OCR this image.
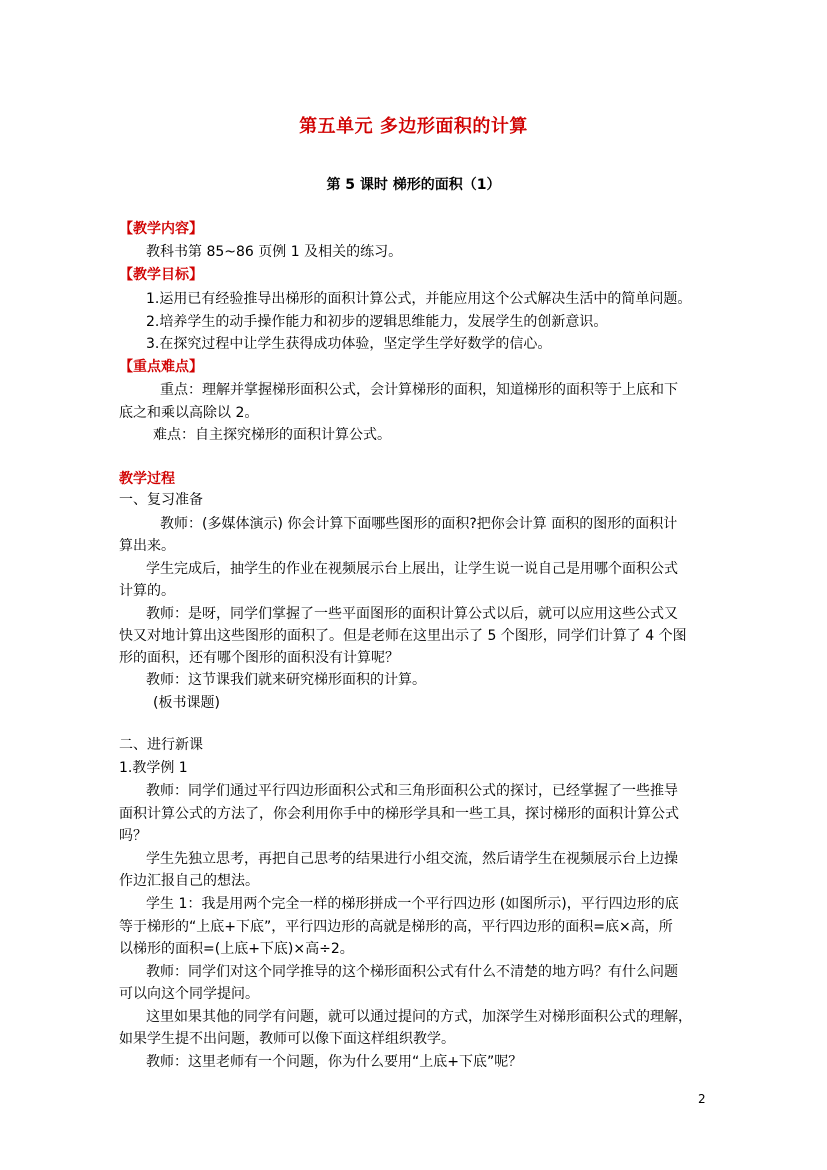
第五单元 多边形面积的计算
第 5 课时 梯形的面积（1）
【教学内容】
教科书第 85~86 页例 1 及相关的练习。
【教学目标】
1.运用已有经验推导出梯形的面积计算公式，并能应用这个公式解决生活中的简单问题。
2.培养学生的动手操作能力和初步的逻辑思维能力，发展学生的创新意识。
3.在探究过程中让学生获得成功体验，坚定学生学好数学的信心。
【重点难点】
重点：理解并掌握梯形面积公式，会计算梯形的面积，知道梯形的面积等于上底和下
底之和乘以高除以 2。
难点：自主探究梯形的面积计算公式。
教学过程
一、复习准备
教师：(多媒体演示) 你会计算下面哪些图形的面积?把你会计算 面积的图形的面积计
算出来。
学生完成后，抽学生的作业在视频展示台上展出，让学生说一说自己是用哪个面积公式
计算的。
教师：是呀，同学们掌握了一些平面图形的面积计算公式以后，就可以应用这些公式又
快又对地计算出这些图形的面积了。但是老师在这里出示了 5 个图形，同学们计算了 4 个图
形的面积，还有哪个图形的面积没有计算呢？
教师：这节课我们就来研究梯形面积的计算。
(板书课题)
二、进行新课
1.教学例 1
教师：同学们通过平行四边形面积公式和三角形面积公式的探讨，已经掌握了一些推导
面积计算公式的方法了，你会利用你手中的梯形学具和一些工具，探讨梯形的面积计算公式
吗？
学生先独立思考，再把自己思考的结果进行小组交流，然后请学生在视频展示台上边操
作边汇报自己的想法。
学生 1：我是用两个完全一样的梯形拼成一个平行四边形 (如图所示)，平行四边形的底
等于梯形的“上底+下底”，平行四边形的高就是梯形的高，平行四边形的面积=底×高，所
以梯形的面积=(上底+下底)×高÷2。
教师：同学们对这个同学推导的这个梯形面积公式有什么不清楚的地方吗？有什么问题
可以向这个同学提问。
这里如果其他的同学有问题，就可以通过提问的方式，加深学生对梯形面积公式的理解，
如果学生提不出问题，教师可以像下面这样组织教学。
教师：这里老师有一个问题，你为什么要用“上底+下底”呢？
2
